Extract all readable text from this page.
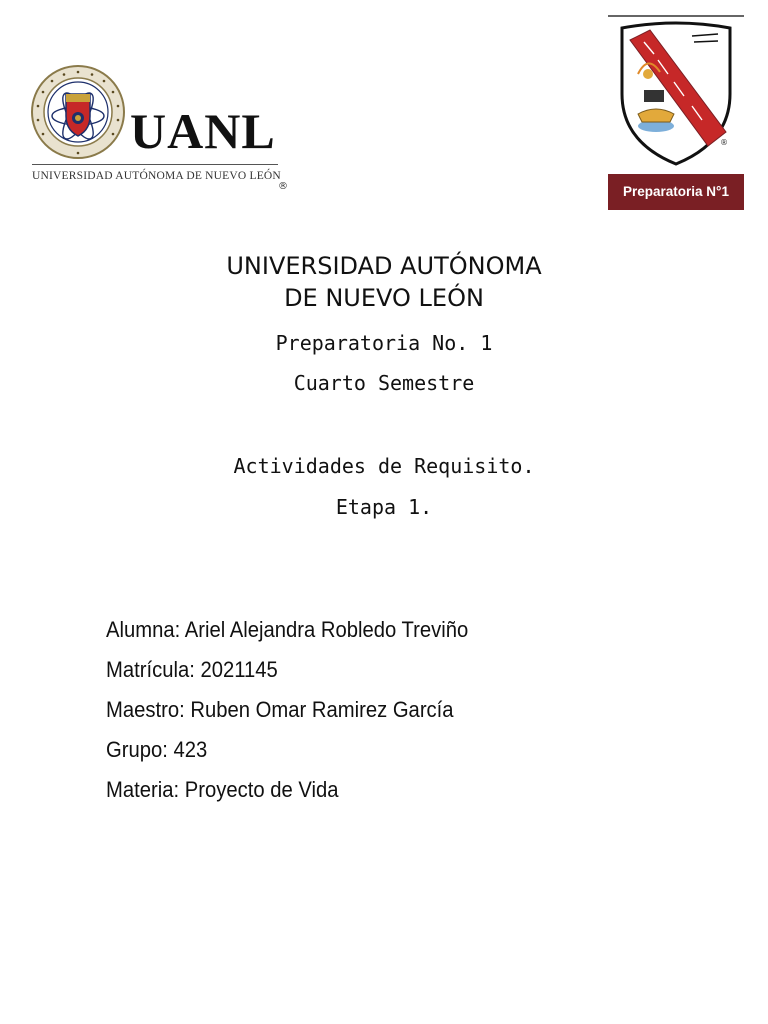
UANL
UNIVERSIDAD AUTÓNOMA DE NUEVO LEÓN
®
®
Preparatoria N°1
UNIVERSIDAD AUTÓNOMA
DE NUEVO LEÓN
Preparatoria No. 1
Cuarto Semestre
Actividades de Requisito.
Etapa 1.
Alumna: Ariel Alejandra Robledo Treviño
Matrícula: 2021145
Maestro: Ruben Omar Ramirez García
Grupo: 423
Materia: Proyecto de Vida
